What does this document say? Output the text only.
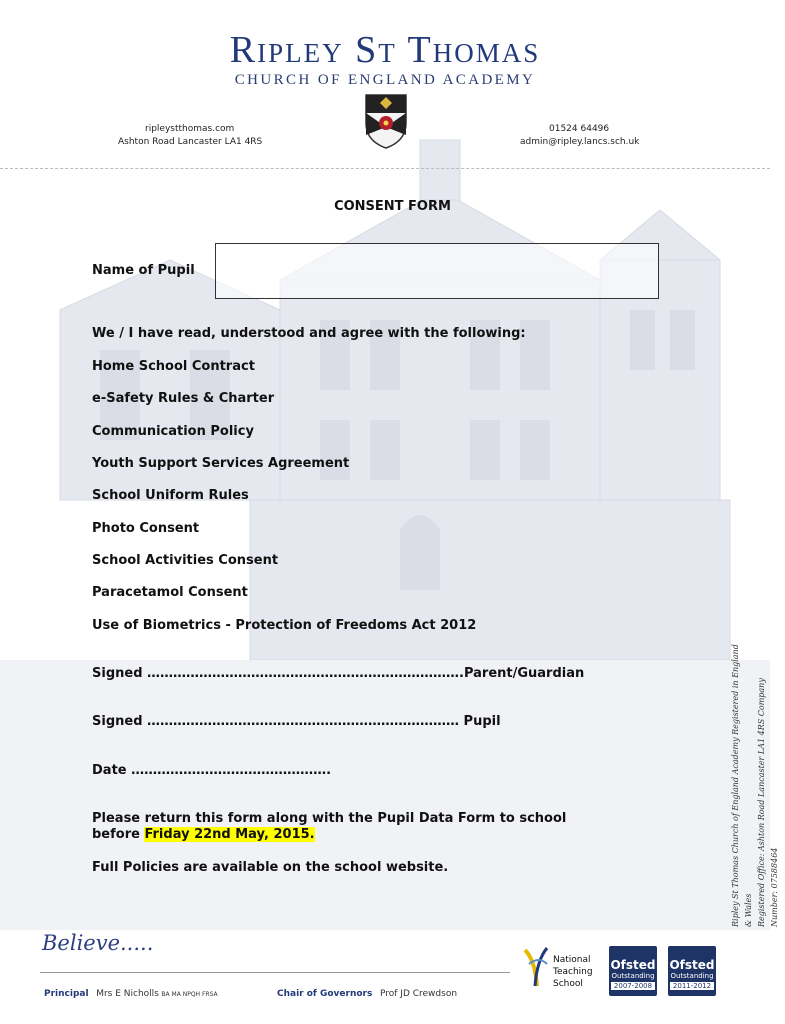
Ripley St Thomas
CHURCH OF ENGLAND ACADEMY
ripleystthomas.com
Ashton Road Lancaster LA1 4RS
01524 64496
admin@ripley.lancs.sch.uk
CONSENT FORM
Name of Pupil
We / I have read, understood and agree with the following:
Home School Contract
e-Safety Rules & Charter
Communication Policy
Youth Support Services Agreement
School Uniform Rules
Photo Consent
School Activities Consent
Paracetamol Consent
Use of Biometrics - Protection of Freedoms Act 2012
Signed ……………………………………………………………….Parent/Guardian
Signed ……………………………………………………………… Pupil
Date ……………………………………….
Please return this form along with the Pupil Data Form to school
before Friday 22nd May, 2015.
Full Policies are available on the school website.	Ripley St Thomas Church of England Academy Registered in England & Wales Registered Office: Ashton Road Lancaster LA1 4RS Company Number: 07588464
Believe.....
Principal Mrs E Nicholls BA MA NPQH FRSA	Chair of Governors Prof JD Crewdson
National
Teaching
School
Ofsted
Outstanding
2007-2008
Ofsted
Outstanding
2011-2012
